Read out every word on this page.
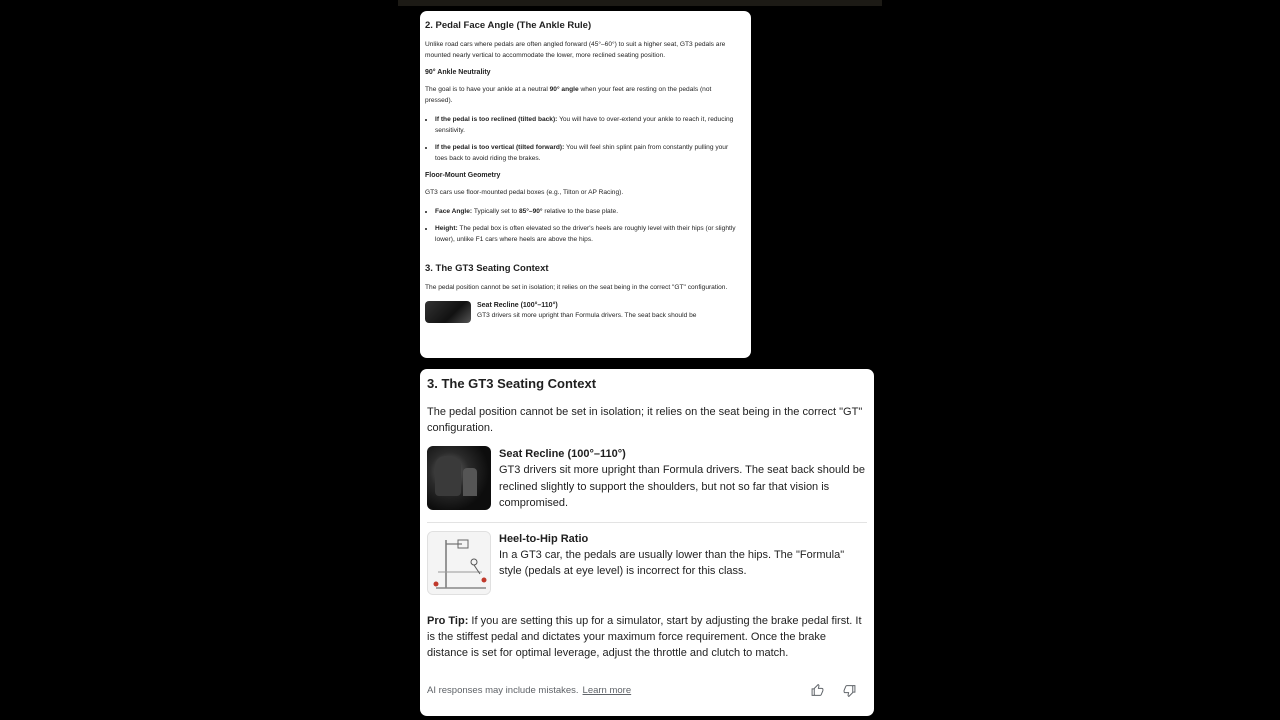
2. Pedal Face Angle (The Ankle Rule)

Unlike road cars where pedals are often angled forward (45°–60°) to suit a higher seat, GT3 pedals are mounted nearly vertical to accommodate the lower, more reclined seating position.

90° Ankle Neutrality

The goal is to have your ankle at a neutral 90° angle when your feet are resting on the pedals (not pressed).

• If the pedal is too reclined (tilted back): You will have to over-extend your ankle to reach it, reducing sensitivity.
• If the pedal is too vertical (tilted forward): You will feel shin splint pain from constantly pulling your toes back to avoid riding the brakes.
Floor-Mount Geometry

GT3 cars use floor-mounted pedal boxes (e.g., Tilton or AP Racing).

• Face Angle: Typically set to 85°–90° relative to the base plate.
• Height: The pedal box is often elevated so the driver's heels are roughly level with their hips (or slightly lower), unlike F1 cars where heels are above the hips.
3. The GT3 Seating Context

The pedal position cannot be set in isolation; it relies on the seat being in the correct "GT" configuration.

Seat Recline (100°–110°)
GT3 drivers sit more upright than Formula drivers. The seat back should be
3. The GT3 Seating Context

The pedal position cannot be set in isolation; it relies on the seat being in the correct "GT" configuration.

Seat Recline (100°–110°)
GT3 drivers sit more upright than Formula drivers. The seat back should be reclined slightly to support the shoulders, but not so far that vision is compromised.
Heel-to-Hip Ratio
In a GT3 car, the pedals are usually lower than the hips. The "Formula" style (pedals at eye level) is incorrect for this class.

Pro Tip: If you are setting this up for a simulator, start by adjusting the brake pedal first. It is the stiffest pedal and dictates your maximum force requirement. Once the brake distance is set for optimal leverage, adjust the throttle and clutch to match.

AI responses may include mistakes. Learn more
